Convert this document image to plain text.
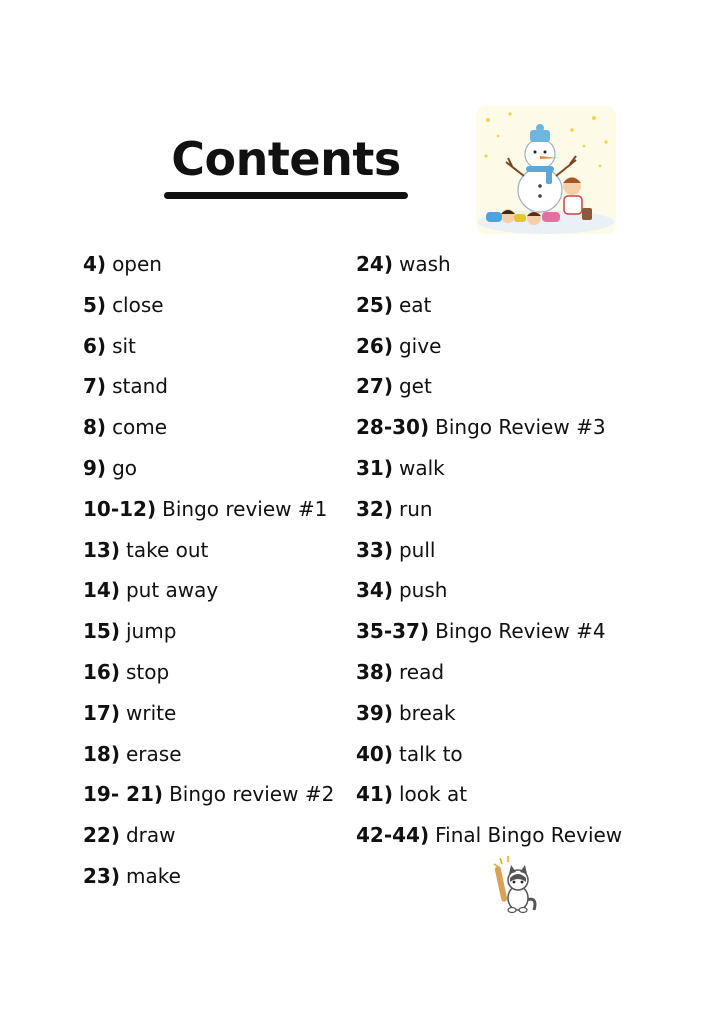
Contents
4) open
5) close
6) sit
7) stand
8) come
9) go
10-12) Bingo review #1
13) take out
14) put away
15) jump
16) stop
17) write
18) erase
19- 21) Bingo review #2
22) draw
23) make
24) wash
25) eat
26) give
27) get
28-30) Bingo Review #3
31) walk
32) run
33) pull
34) push
35-37) Bingo Review #4
38) read
39) break
40) talk to
41) look at
42-44) Final Bingo Review
